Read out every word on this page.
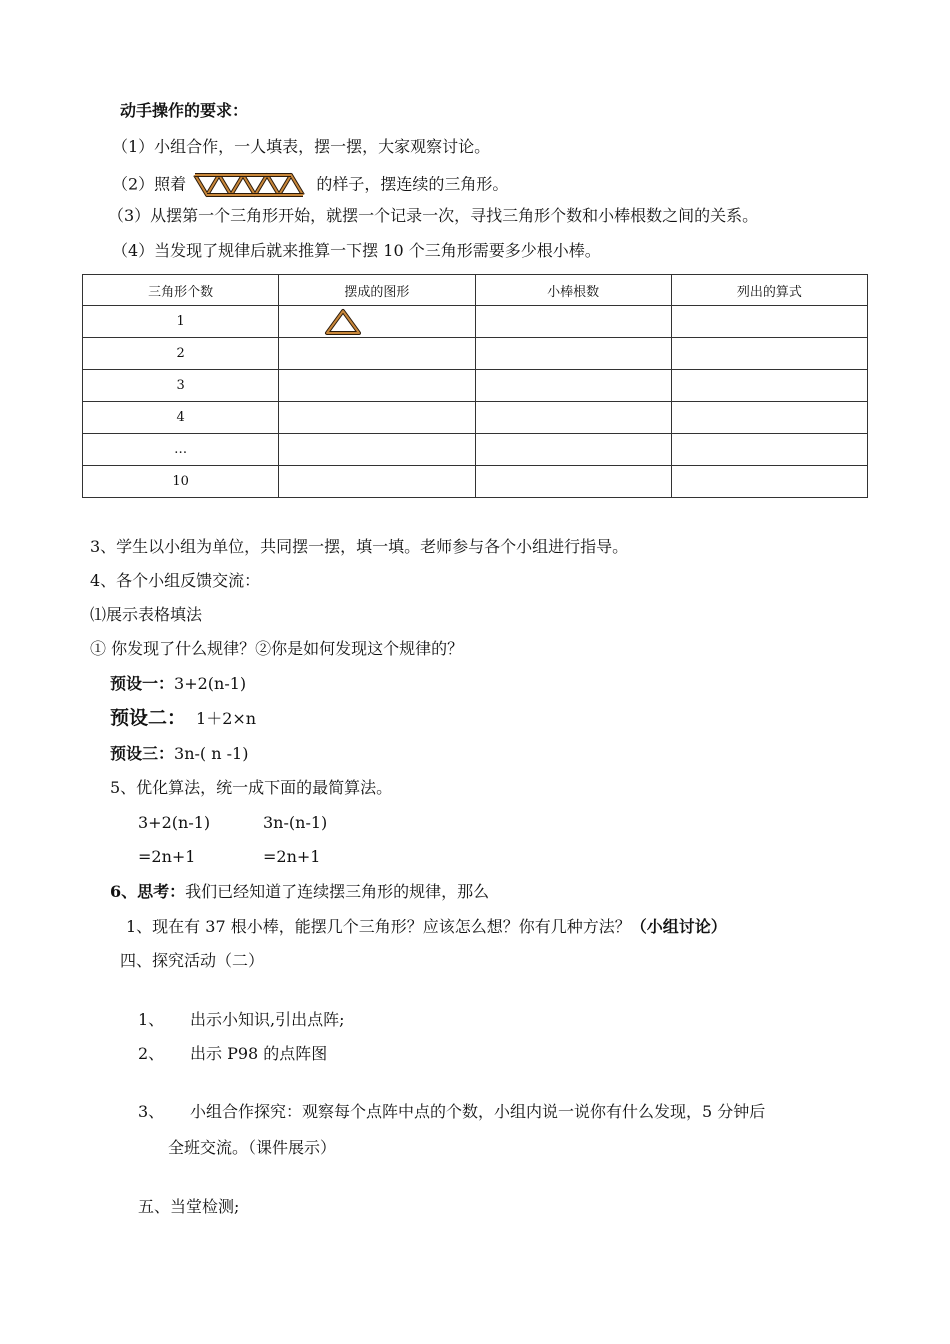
动手操作的要求：
（1）小组合作，一人填表，摆一摆，大家观察讨论。
（2）照着	的样子，摆连续的三角形。
（3）从摆第一个三角形开始，就摆一个记录一次，寻找三角形个数和小棒根数之间的关系。
（4）当发现了规律后就来推算一下摆 10 个三角形需要多少根小棒。
三角形个数	摆成的图形	小棒根数	列出的算式
1	

2			
3			
4			
…			
10			
3、学生以小组为单位，共同摆一摆，填一填。老师参与各个小组进行指导。
4、各个小组反馈交流：
⑴展示表格填法
① 你发现了什么规律？②你是如何发现这个规律的？
预设一：3+2(n-1)
预设二： 1＋2×n
预设三：3n-( n -1)
5、优化算法，统一成下面的最简算法。
3+2(n-1)	3n-(n-1)
=2n+1	=2n+1
6、思考：我们已经知道了连续摆三角形的规律，那么
1、现在有 37 根小棒，能摆几个三角形？应该怎么想？你有几种方法？（小组讨论）
四、探究活动（二）
1、 出示小知识,引出点阵;
2、 出示 P98 的点阵图
3、 小组合作探究：观察每个点阵中点的个数，小组内说一说你有什么发现，5 分钟后
全班交流。（课件展示）
五、当堂检测;
